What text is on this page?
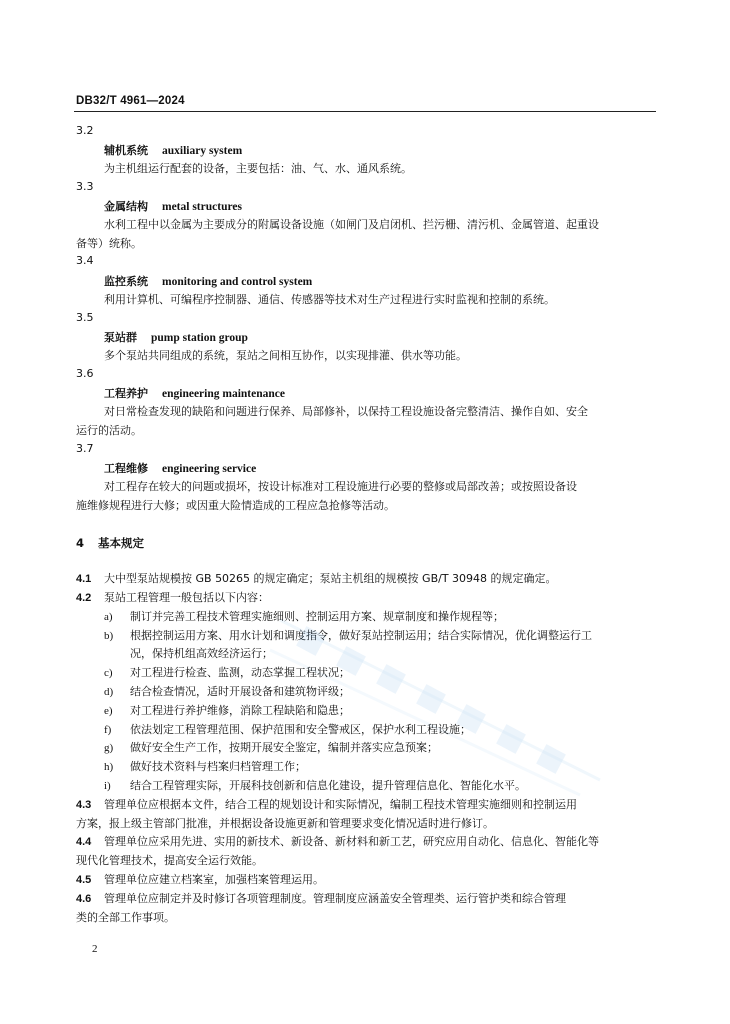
DB32/T 4961—2024
3.2
辅机系统 auxiliary system
为主机组运行配套的设备，主要包括：油、气、水、通风系统。
3.3
金属结构 metal structures
水利工程中以金属为主要成分的附属设备设施（如闸门及启闭机、拦污栅、清污机、金属管道、起重设
备等）统称。
3.4
监控系统 monitoring and control system
利用计算机、可编程序控制器、通信、传感器等技术对生产过程进行实时监视和控制的系统。
3.5
泵站群 pump station group
多个泵站共同组成的系统，泵站之间相互协作，以实现排灌、供水等功能。
3.6
工程养护 engineering maintenance
对日常检查发现的缺陷和问题进行保养、局部修补，以保持工程设施设备完整清洁、操作自如、安全
运行的活动。
3.7
工程维修 engineering service
对工程存在较大的问题或损坏，按设计标准对工程设施进行必要的整修或局部改善；或按照设备设
施维修规程进行大修；或因重大险情造成的工程应急抢修等活动。
4 基本规定
4.1 大中型泵站规模按 GB 50265 的规定确定；泵站主机组的规模按 GB/T 30948 的规定确定。
4.2 泵站工程管理一般包括以下内容：
a) 制订并完善工程技术管理实施细则、控制运用方案、规章制度和操作规程等；
b) 根据控制运用方案、用水计划和调度指令，做好泵站控制运用；结合实际情况，优化调整运行工
况，保持机组高效经济运行；
c) 对工程进行检查、监测，动态掌握工程状况；
d) 结合检查情况，适时开展设备和建筑物评级；
e) 对工程进行养护维修，消除工程缺陷和隐患；
f) 依法划定工程管理范围、保护范围和安全警戒区，保护水利工程设施；
g) 做好安全生产工作，按期开展安全鉴定，编制并落实应急预案；
h) 做好技术资料与档案归档管理工作；
i) 结合工程管理实际，开展科技创新和信息化建设，提升管理信息化、智能化水平。
4.3 管理单位应根据本文件，结合工程的规划设计和实际情况，编制工程技术管理实施细则和控制运用
方案，报上级主管部门批准，并根据设备设施更新和管理要求变化情况适时进行修订。
4.4 管理单位应采用先进、实用的新技术、新设备、新材料和新工艺，研究应用自动化、信息化、智能化等
现代化管理技术，提高安全运行效能。
4.5 管理单位应建立档案室，加强档案管理运用。
4.6 管理单位应制定并及时修订各项管理制度。管理制度应涵盖安全管理类、运行管护类和综合管理
类的全部工作事项。
2
